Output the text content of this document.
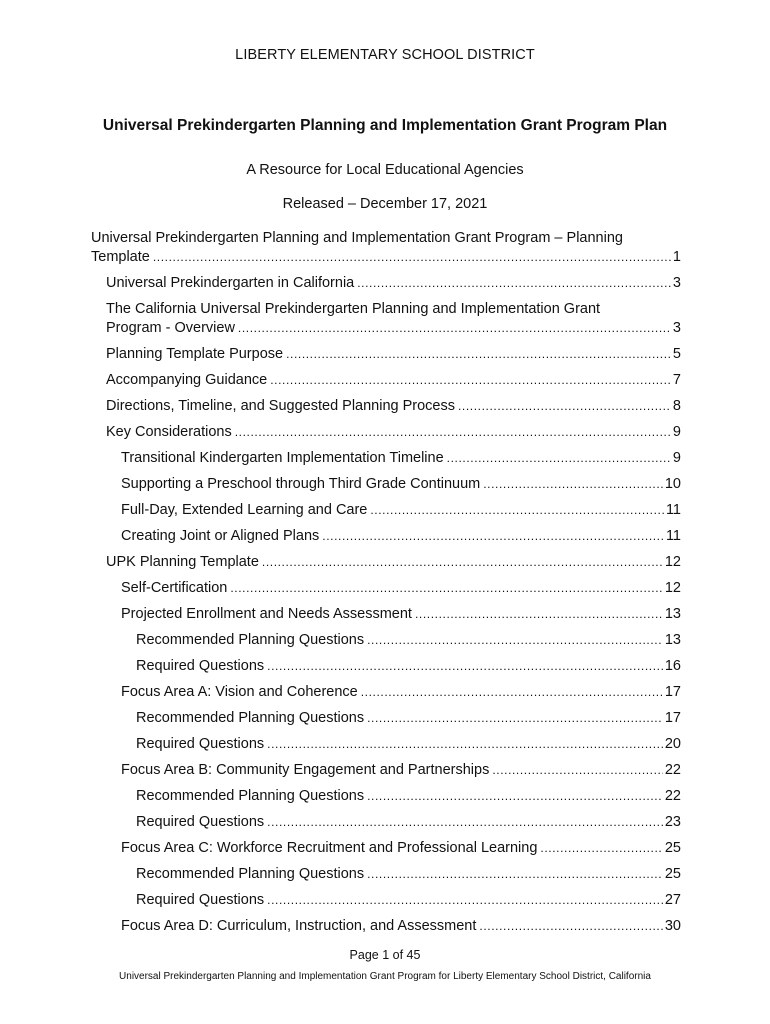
LIBERTY ELEMENTARY SCHOOL DISTRICT
Universal Prekindergarten Planning and Implementation Grant Program Plan
A Resource for Local Educational Agencies
Released – December 17, 2021
Universal Prekindergarten Planning and Implementation Grant Program – Planning
Template .....	1
Universal Prekindergarten in California .....	3
The California Universal Prekindergarten Planning and Implementation Grant
Program - Overview .....	3
Planning Template Purpose .....	5
Accompanying Guidance .....	7
Directions, Timeline, and Suggested Planning Process .....	8
Key Considerations .....	9
Transitional Kindergarten Implementation Timeline .....	9
Supporting a Preschool through Third Grade Continuum .....	10
Full-Day, Extended Learning and Care .....	11
Creating Joint or Aligned Plans .....	11
UPK Planning Template .....	12
Self-Certification .....	12
Projected Enrollment and Needs Assessment .....	13
Recommended Planning Questions .....	13
Required Questions .....	16
Focus Area A: Vision and Coherence .....	17
Recommended Planning Questions .....	17
Required Questions .....	20
Focus Area B: Community Engagement and Partnerships .....	22
Recommended Planning Questions .....	22
Required Questions .....	23
Focus Area C: Workforce Recruitment and Professional Learning .....	25
Recommended Planning Questions .....	25
Required Questions .....	27
Focus Area D: Curriculum, Instruction, and Assessment .....	30
Page 1 of 45
Universal Prekindergarten Planning and Implementation Grant Program for Liberty Elementary School District, California
